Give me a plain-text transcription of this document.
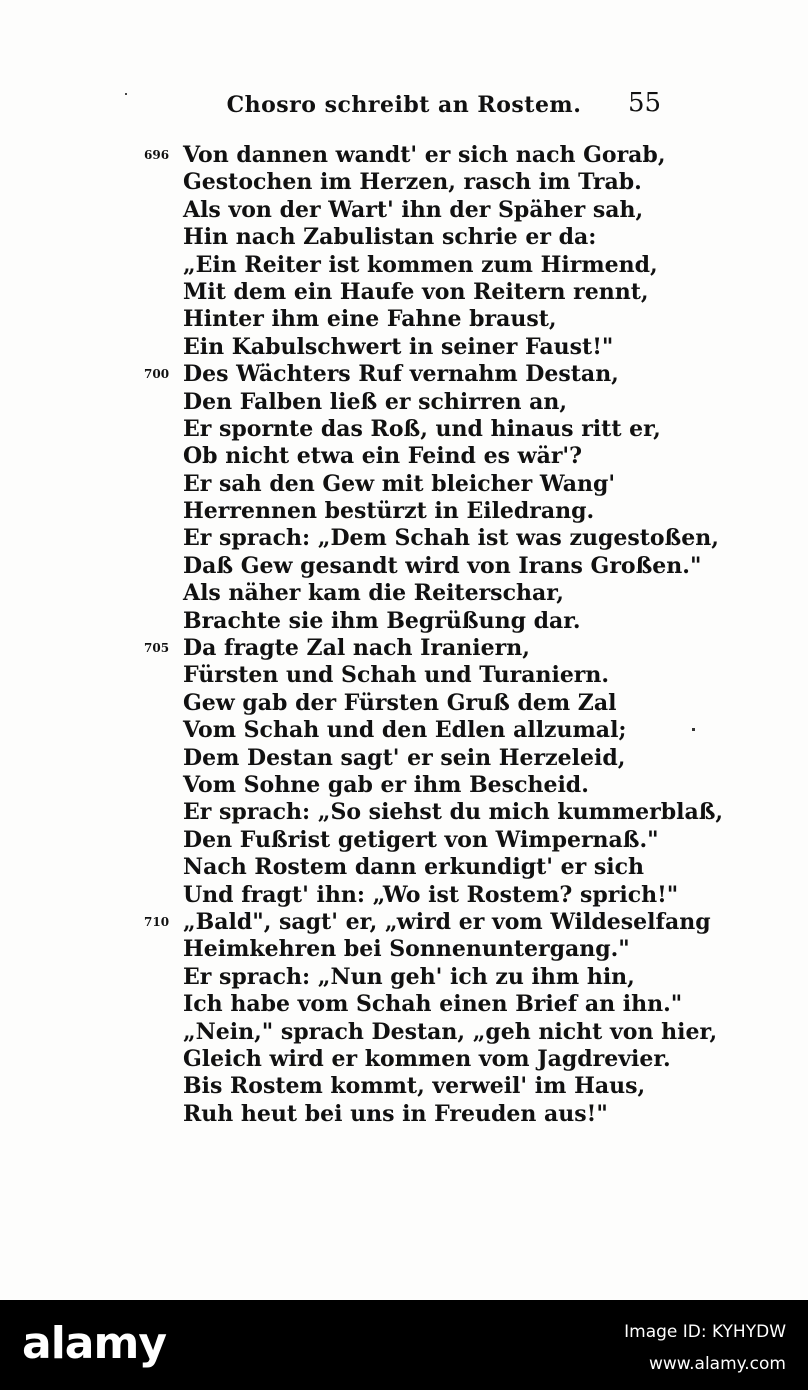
Chosro schreibt an Rostem.	55
696 Von dannen wandt' er sich nach Gorab,
Gestochen im Herzen, rasch im Trab.
Als von der Wart' ihn der Späher sah,
Hin nach Zabulistan schrie er da:
„Ein Reiter ist kommen zum Hirmend,
Mit dem ein Haufe von Reitern rennt,
Hinter ihm eine Fahne braust,
Ein Kabulschwert in seiner Faust!"
700 Des Wächters Ruf vernahm Destan,
Den Falben ließ er schirren an,
Er spornte das Roß, und hinaus ritt er,
Ob nicht etwa ein Feind es wär'?
Er sah den Gew mit bleicher Wang'
Herrennen bestürzt in Eiledrang.
Er sprach: „Dem Schah ist was zugestoßen,
Daß Gew gesandt wird von Irans Großen."
Als näher kam die Reiterschar,
Brachte sie ihm Begrüßung dar.
705 Da fragte Zal nach Iraniern,
Fürsten und Schah und Turaniern.
Gew gab der Fürsten Gruß dem Zal
Vom Schah und den Edlen allzumal;
Dem Destan sagt' er sein Herzeleid,
Vom Sohne gab er ihm Bescheid.
Er sprach: „So siehst du mich kummerblaß,
Den Fußrist getigert von Wimpernaß."
Nach Rostem dann erkundigt' er sich
Und fragt' ihn: „Wo ist Rostem? sprich!"
710 „Bald", sagt' er, „wird er vom Wildeselfang
Heimkehren bei Sonnenuntergang."
Er sprach: „Nun geh' ich zu ihm hin,
Ich habe vom Schah einen Brief an ihn."
„Nein," sprach Destan, „geh nicht von hier,
Gleich wird er kommen vom Jagdrevier.
Bis Rostem kommt, verweil' im Haus,
Ruh heut bei uns in Freuden aus!"
alamy	Image ID: KYHYDW
www.alamy.com
